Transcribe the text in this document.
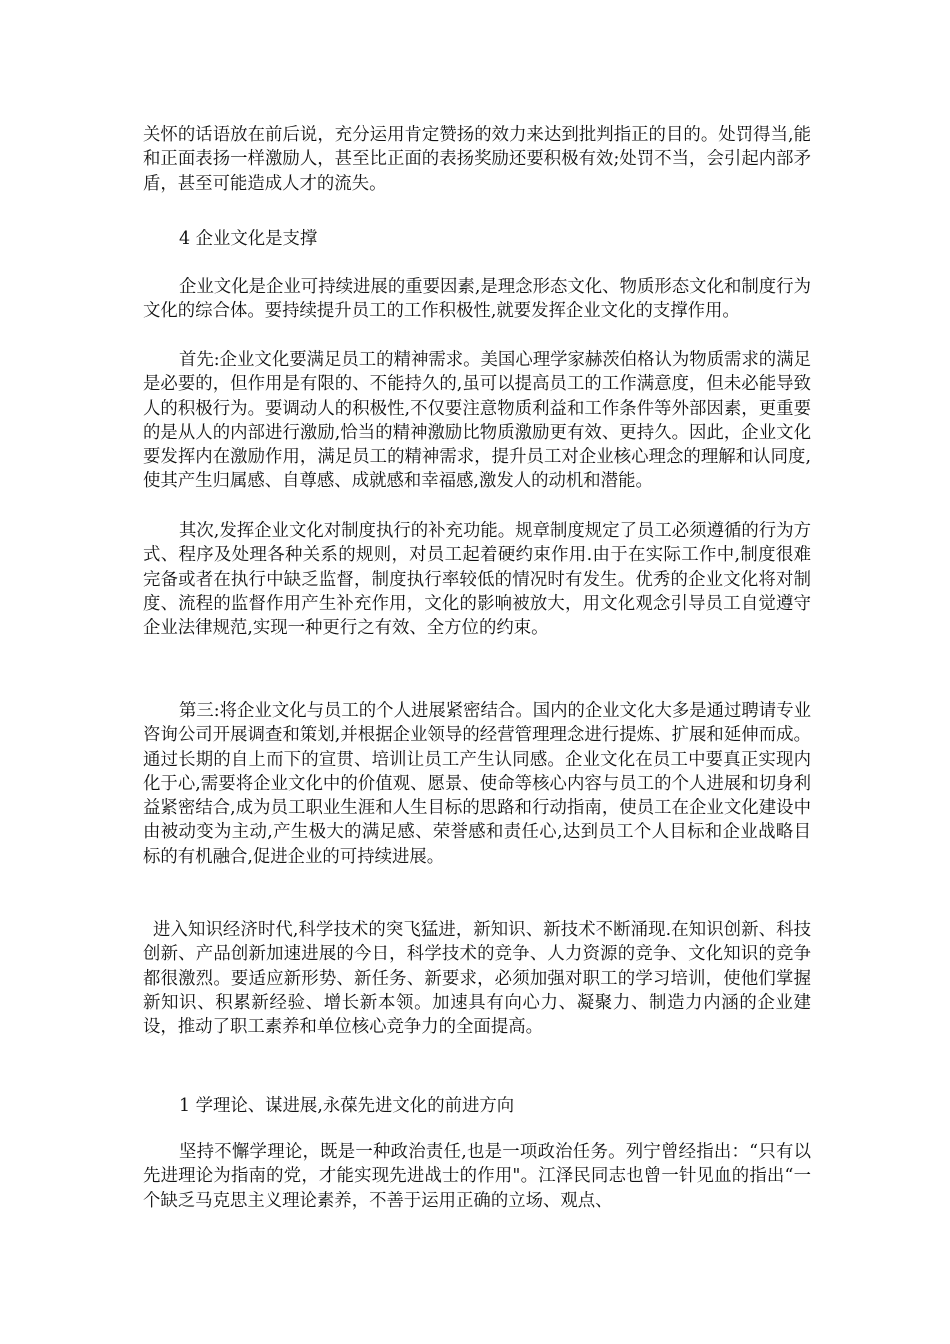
关怀的话语放在前后说，充分运用肯定赞扬的效力来达到批判指正的目的。处罚得当,能和正面表扬一样激励人，甚至比正面的表扬奖励还要积极有效;处罚不当，会引起内部矛盾，甚至可能造成人才的流失。

4 企业文化是支撑

企业文化是企业可持续进展的重要因素,是理念形态文化、物质形态文化和制度行为文化的综合体。要持续提升员工的工作积极性,就要发挥企业文化的支撑作用。

首先:企业文化要满足员工的精神需求。美国心理学家赫茨伯格认为物质需求的满足是必要的，但作用是有限的、不能持久的,虽可以提高员工的工作满意度，但未必能导致人的积极行为。要调动人的积极性,不仅要注意物质利益和工作条件等外部因素，更重要的是从人的内部进行激励,恰当的精神激励比物质激励更有效、更持久。因此，企业文化要发挥内在激励作用，满足员工的精神需求，提升员工对企业核心理念的理解和认同度,使其产生归属感、自尊感、成就感和幸福感,激发人的动机和潜能。

其次,发挥企业文化对制度执行的补充功能。规章制度规定了员工必须遵循的行为方式、程序及处理各种关系的规则，对员工起着硬约束作用.由于在实际工作中,制度很难完备或者在执行中缺乏监督，制度执行率较低的情况时有发生。优秀的企业文化将对制度、流程的监督作用产生补充作用，文化的影响被放大，用文化观念引导员工自觉遵守企业法律规范,实现一种更行之有效、全方位的约束。

第三:将企业文化与员工的个人进展紧密结合。国内的企业文化大多是通过聘请专业咨询公司开展调查和策划,并根据企业领导的经营管理理念进行提炼、扩展和延伸而成。通过长期的自上而下的宣贯、培训让员工产生认同感。企业文化在员工中要真正实现内化于心,需要将企业文化中的价值观、愿景、使命等核心内容与员工的个人进展和切身利益紧密结合,成为员工职业生涯和人生目标的思路和行动指南，使员工在企业文化建设中由被动变为主动,产生极大的满足感、荣誉感和责任心,达到员工个人目标和企业战略目标的有机融合,促进企业的可持续进展。

进入知识经济时代,科学技术的突飞猛进，新知识、新技术不断涌现.在知识创新、科技创新、产品创新加速进展的今日，科学技术的竞争、人力资源的竞争、文化知识的竞争都很激烈。要适应新形势、新任务、新要求，必须加强对职工的学习培训，使他们掌握新知识、积累新经验、增长新本领。加速具有向心力、凝聚力、制造力内涵的企业建设，推动了职工素养和单位核心竞争力的全面提高。

1 学理论、谋进展,永葆先进文化的前进方向

坚持不懈学理论，既是一种政治责任,也是一项政治任务。列宁曾经指出：“只有以先进理论为指南的党，才能实现先进战士的作用"。江泽民同志也曾一针见血的指出“一个缺乏马克思主义理论素养，不善于运用正确的立场、观点、
